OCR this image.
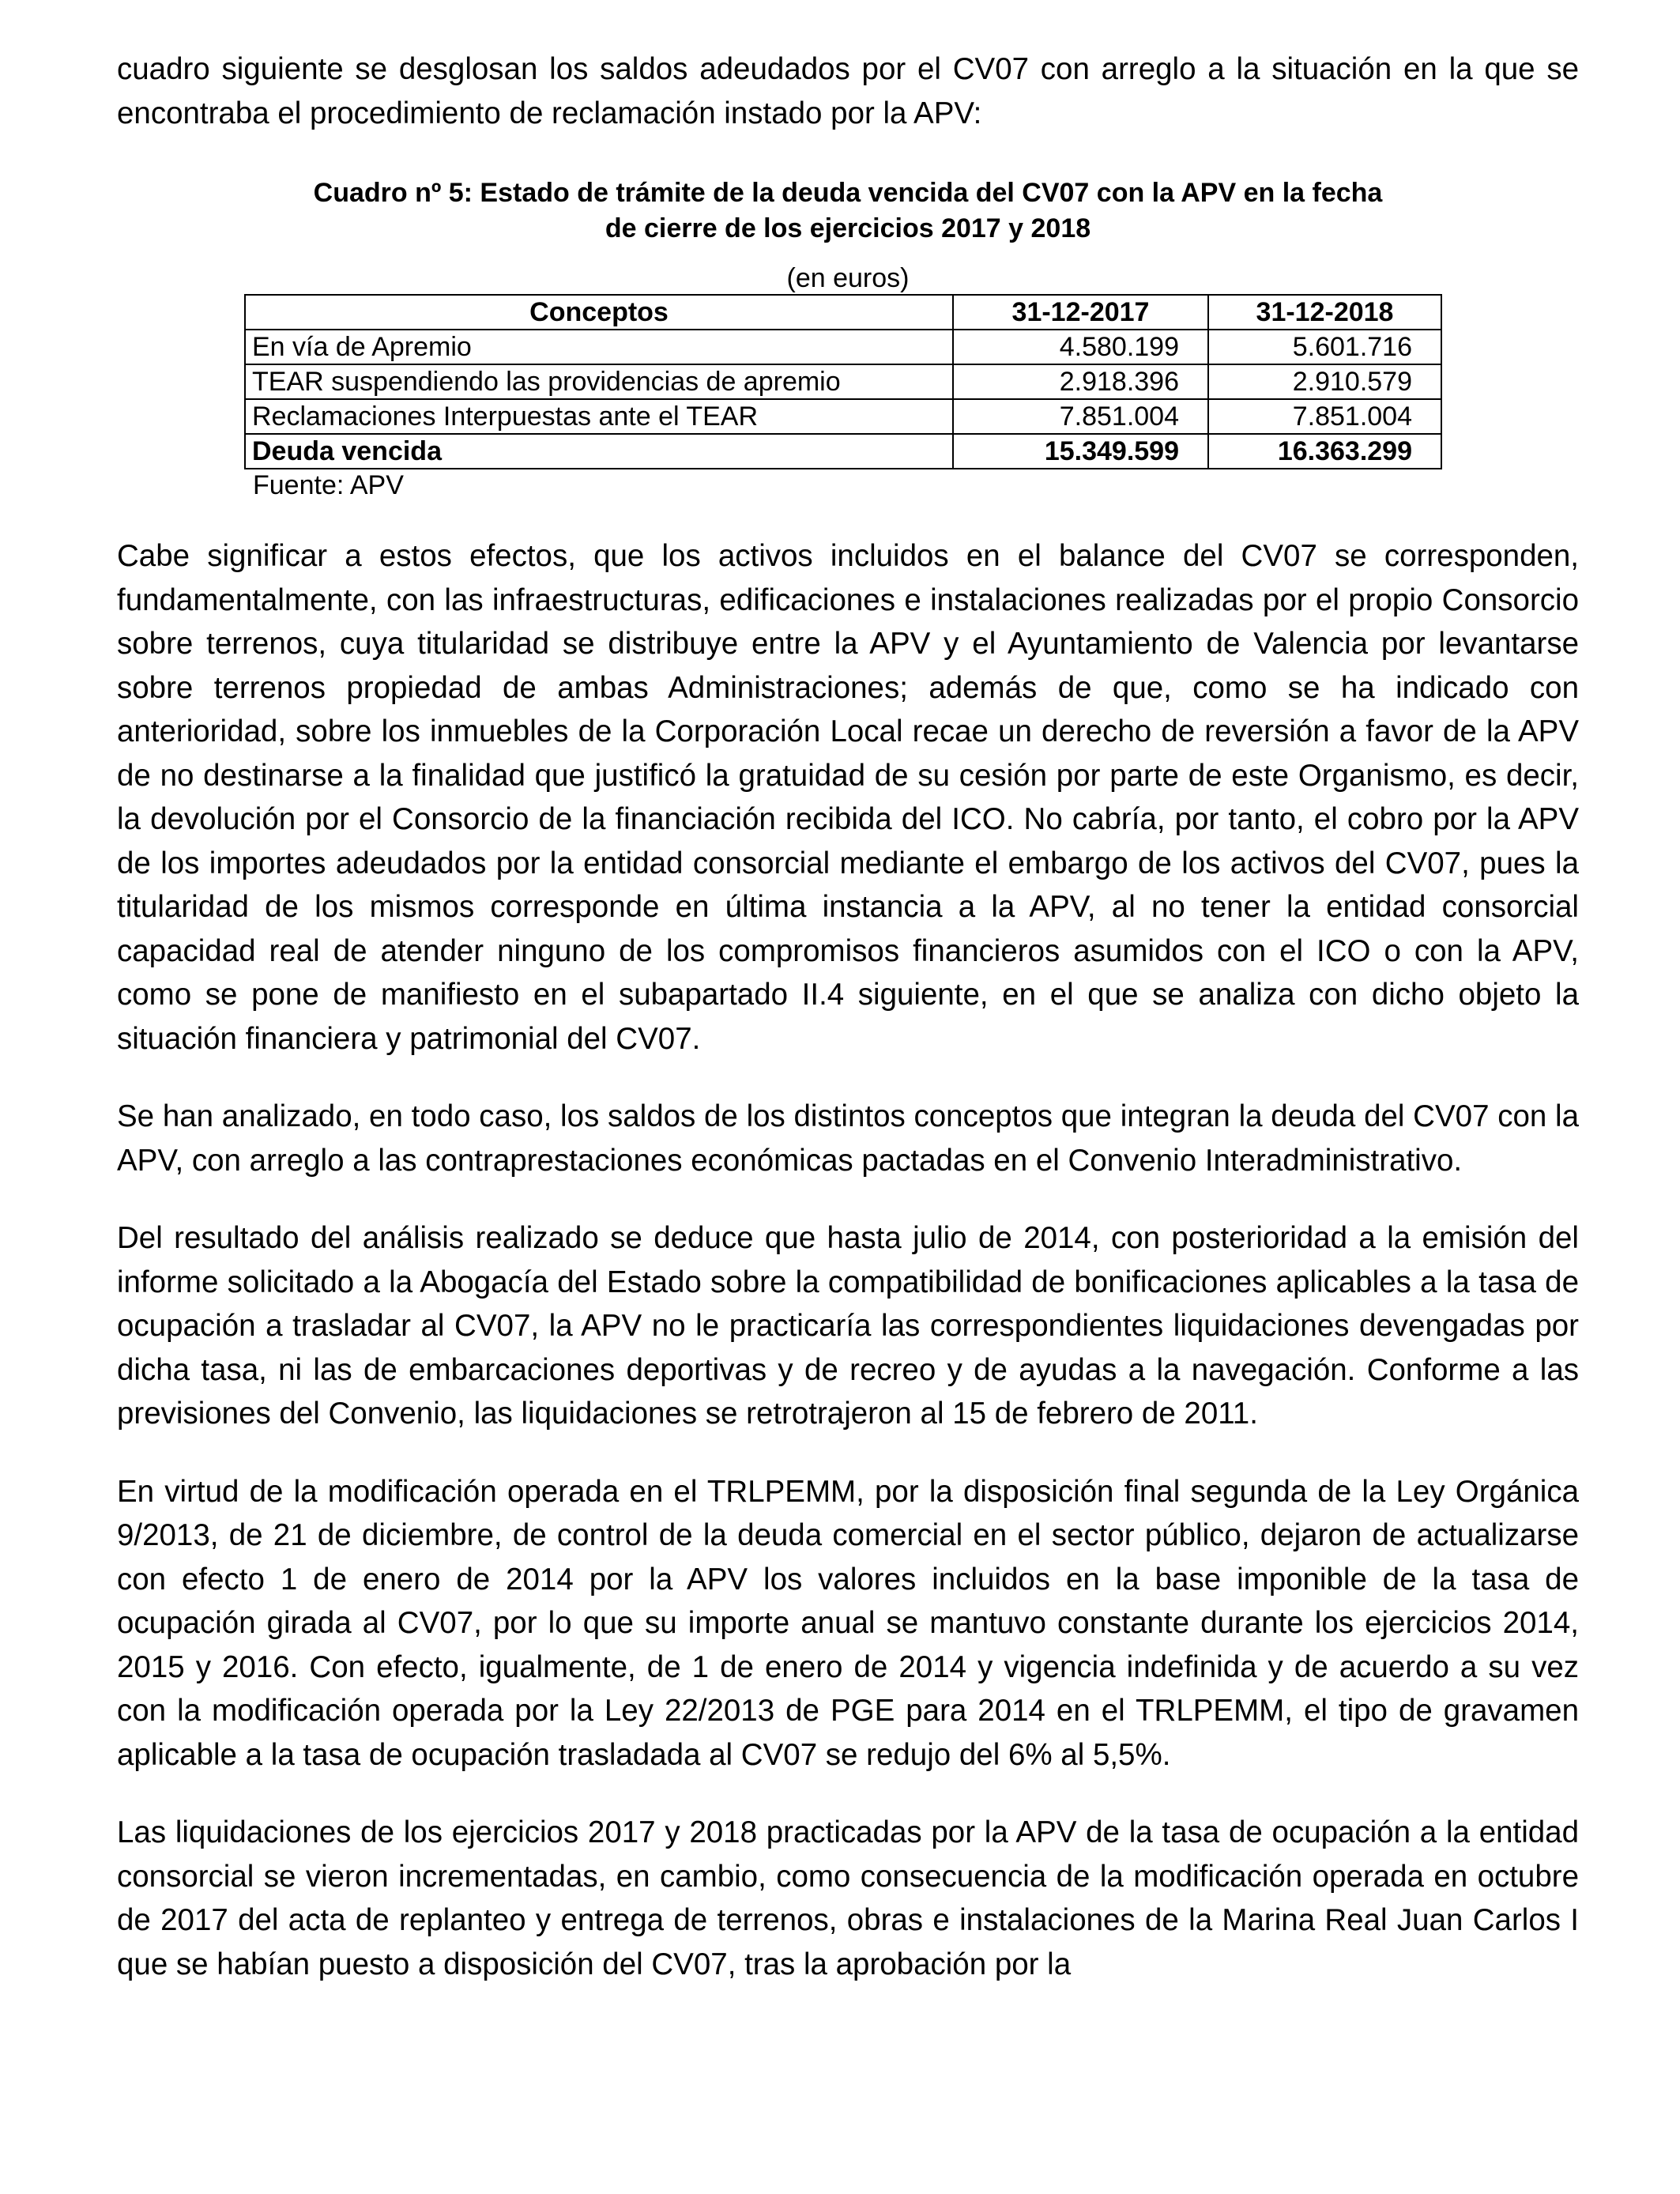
cuadro siguiente se desglosan los saldos adeudados por el CV07 con arreglo a la situación en la que se encontraba el procedimiento de reclamación instado por la APV:

Cuadro nº 5: Estado de trámite de la deuda vencida del CV07 con la APV en la fecha
de cierre de los ejercicios 2017 y 2018
(en euros)
Conceptos	31-12-2017	31-12-2018
En vía de Apremio	4.580.199	5.601.716
TEAR suspendiendo las providencias de apremio	2.918.396	2.910.579
Reclamaciones Interpuestas ante el TEAR	7.851.004	7.851.004
Deuda vencida	15.349.599	16.363.299
Fuente: APV

Cabe significar a estos efectos, que los activos incluidos en el balance del CV07 se corresponden, fundamentalmente, con las infraestructuras, edificaciones e instalaciones realizadas por el propio Consorcio sobre terrenos, cuya titularidad se distribuye entre la APV y el Ayuntamiento de Valencia por levantarse sobre terrenos propiedad de ambas Administraciones; además de que, como se ha indicado con anterioridad, sobre los inmuebles de la Corporación Local recae un derecho de reversión a favor de la APV de no destinarse a la finalidad que justificó la gratuidad de su cesión por parte de este Organismo, es decir, la devolución por el Consorcio de la financiación recibida del ICO. No cabría, por tanto, el cobro por la APV de los importes adeudados por la entidad consorcial mediante el embargo de los activos del CV07, pues la titularidad de los mismos corresponde en última instancia a la APV, al no tener la entidad consorcial capacidad real de atender ninguno de los compromisos financieros asumidos con el ICO o con la APV, como se pone de manifiesto en el subapartado II.4 siguiente, en el que se analiza con dicho objeto la situación financiera y patrimonial del CV07.

Se han analizado, en todo caso, los saldos de los distintos conceptos que integran la deuda del CV07 con la APV, con arreglo a las contraprestaciones económicas pactadas en el Convenio Interadministrativo.

Del resultado del análisis realizado se deduce que hasta julio de 2014, con posterioridad a la emisión del informe solicitado a la Abogacía del Estado sobre la compatibilidad de bonificaciones aplicables a la tasa de ocupación a trasladar al CV07, la APV no le practicaría las correspondientes liquidaciones devengadas por dicha tasa, ni las de embarcaciones deportivas y de recreo y de ayudas a la navegación. Conforme a las previsiones del Convenio, las liquidaciones se retrotrajeron al 15 de febrero de 2011.

En virtud de la modificación operada en el TRLPEMM, por la disposición final segunda de la Ley Orgánica 9/2013, de 21 de diciembre, de control de la deuda comercial en el sector público, dejaron de actualizarse con efecto 1 de enero de 2014 por la APV los valores incluidos en la base imponible de la tasa de ocupación girada al CV07, por lo que su importe anual se mantuvo constante durante los ejercicios 2014, 2015 y 2016. Con efecto, igualmente, de 1 de enero de 2014 y vigencia indefinida y de acuerdo a su vez con la modificación operada por la Ley 22/2013 de PGE para 2014 en el TRLPEMM, el tipo de gravamen aplicable a la tasa de ocupación trasladada al CV07 se redujo del 6% al 5,5%.

Las liquidaciones de los ejercicios 2017 y 2018 practicadas por la APV de la tasa de ocupación a la entidad consorcial se vieron incrementadas, en cambio, como consecuencia de la modificación operada en octubre de 2017 del acta de replanteo y entrega de terrenos, obras e instalaciones de la Marina Real Juan Carlos I que se habían puesto a disposición del CV07, tras la aprobación por la
